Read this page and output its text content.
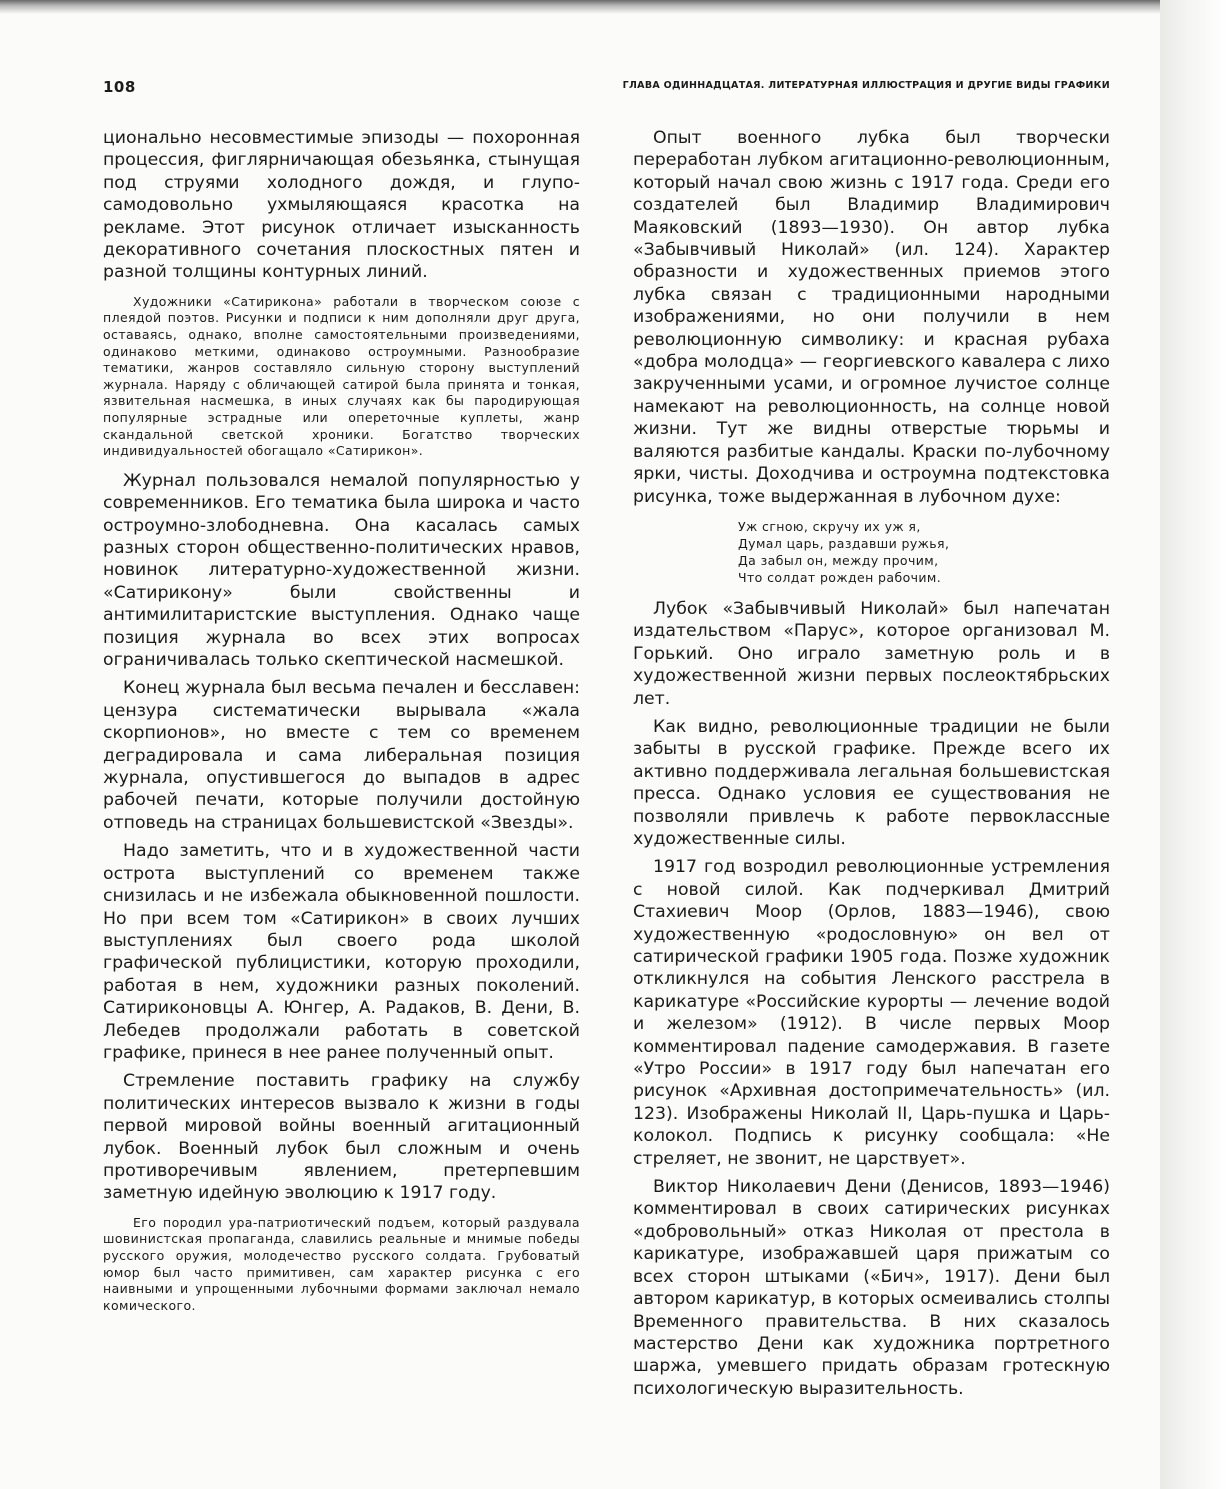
108	ГЛАВА ОДИННАДЦАТАЯ. ЛИТЕРАТУРНАЯ ИЛЛЮСТРАЦИЯ И ДРУГИЕ ВИДЫ ГРАФИКИ

ционально несовместимые эпизоды — похоронная процессия, фиглярничающая обезьянка, стынущая под струями холодного дождя, и глупо-самодовольно ухмыляющаяся красотка на рекламе. Этот рисунок отличает изысканность декоративного сочетания плоскостных пятен и разной толщины контурных линий.

Художники «Сатирикона» работали в творческом союзе с плеядой поэтов. Рисунки и подписи к ним дополняли друг друга, оставаясь, однако, вполне самостоятельными произведениями, одинаково меткими, одинаково остроумными. Разнообразие тематики, жанров составляло сильную сторону выступлений журнала. Наряду с обличающей сатирой была принята и тонкая, язвительная насмешка, в иных случаях как бы пародирующая популярные эстрадные или опереточные куплеты, жанр скандальной светской хроники. Богатство творческих индивидуальностей обогащало «Сатирикон».

Журнал пользовался немалой популярностью у современников. Его тематика была широка и часто остроумно-злободневна. Она касалась самых разных сторон общественно-политических нравов, новинок литературно-художественной жизни. «Сатирикону» были свойственны и антимилитаристские выступления. Однако чаще позиция журнала во всех этих вопросах ограничивалась только скептической насмешкой.

Конец журнала был весьма печален и бесславен: цензура систематически вырывала «жала скорпионов», но вместе с тем со временем деградировала и сама либеральная позиция журнала, опустившегося до выпадов в адрес рабочей печати, которые получили достойную отповедь на страницах большевистской «Звезды».

Надо заметить, что и в художественной части острота выступлений со временем также снизилась и не избежала обыкновенной пошлости. Но при всем том «Сатирикон» в своих лучших выступлениях был своего рода школой графической публицистики, которую проходили, работая в нем, художники разных поколений. Сатириконовцы А. Юнгер, А. Радаков, В. Дени, В. Лебедев продолжали работать в советской графике, принеся в нее ранее полученный опыт.

Стремление поставить графику на службу политических интересов вызвало к жизни в годы первой мировой войны военный агитационный лубок. Военный лубок был сложным и очень противоречивым явлением, претерпевшим заметную идейную эволюцию к 1917 году.

Его породил ура-патриотический подъем, который раздувала шовинистская пропаганда, славились реальные и мнимые победы русского оружия, молодечество русского солдата. Грубоватый юмор был часто примитивен, сам характер рисунка с его наивными и упрощенными лубочными формами заключал немало комического.

Опыт военного лубка был творчески переработан лубком агитационно-революционным, который начал свою жизнь с 1917 года. Среди его создателей был Владимир Владимирович Маяковский (1893—1930). Он автор лубка «Забывчивый Николай» (ил. 124). Характер образности и художественных приемов этого лубка связан с традиционными народными изображениями, но они получили в нем революционную символику: и красная рубаха «добра молодца» — георгиевского кавалера с лихо закрученными усами, и огромное лучистое солнце намекают на революционность, на солнце новой жизни. Тут же видны отверстые тюрьмы и валяются разбитые кандалы. Краски по-лубочному ярки, чисты. Доходчива и остроумна подтекстовка рисунка, тоже выдержанная в лубочном духе:

Уж сгною, скручу их уж я,
Думал царь, раздавши ружья,
Да забыл он, между прочим,
Что солдат рожден рабочим.

Лубок «Забывчивый Николай» был напечатан издательством «Парус», которое организовал М. Горький. Оно играло заметную роль и в художественной жизни первых послеоктябрьских лет.

Как видно, революционные традиции не были забыты в русской графике. Прежде всего их активно поддерживала легальная большевистская пресса. Однако условия ее существования не позволяли привлечь к работе первоклассные художественные силы.

1917 год возродил революционные устремления с новой силой. Как подчеркивал Дмитрий Стахиевич Моор (Орлов, 1883—1946), свою художественную «родословную» он вел от сатирической графики 1905 года. Позже художник откликнулся на события Ленского расстрела в карикатуре «Российские курорты — лечение водой и железом» (1912). В числе первых Моор комментировал падение самодержавия. В газете «Утро России» в 1917 году был напечатан его рисунок «Архивная достопримечательность» (ил. 123). Изображены Николай II, Царь-пушка и Царь-колокол. Подпись к рисунку сообщала: «Не стреляет, не звонит, не царствует».

Виктор Николаевич Дени (Денисов, 1893—1946) комментировал в своих сатирических рисунках «добровольный» отказ Николая от престола в карикатуре, изображавшей царя прижатым со всех сторон штыками («Бич», 1917). Дени был автором карикатур, в которых осмеивались столпы Временного правительства. В них сказалось мастерство Дени как художника портретного шаржа, умевшего придать образам гротескную психологическую выразительность.
